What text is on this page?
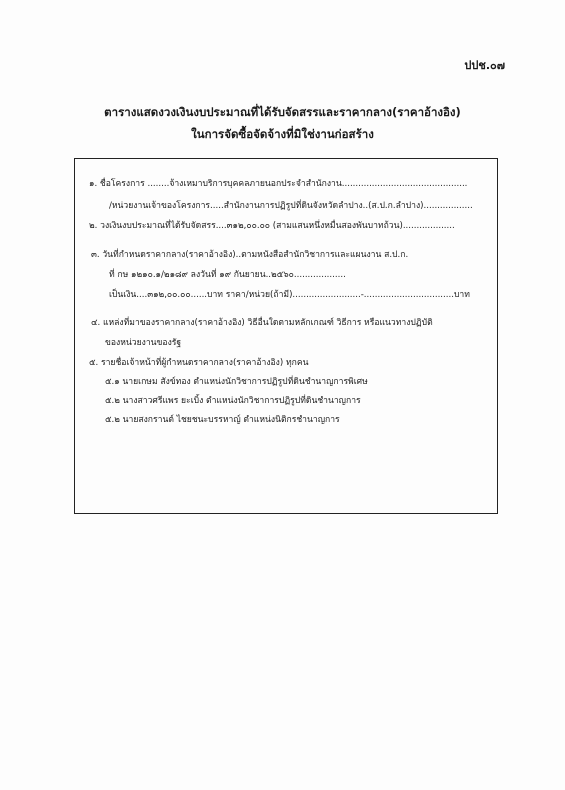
ปปช.๐๗
ตารางแสดงวงเงินงบประมาณที่ได้รับจัดสรรและราคากลาง(ราคาอ้างอิง)
ในการจัดซื้อจัดจ้างที่มิใช่งานก่อสร้าง
๑. ชื่อโครงการ ........จ้างเหมาบริการบุคคลภายนอกประจำสำนักงาน..............................................
/หน่วยงานเจ้าของโครงการ.....สำนักงานการปฏิรูปที่ดินจังหวัดลำปาง..(ส.ป.ก.ลำปาง)..................
๒. วงเงินงบประมาณที่ได้รับจัดสรร....๓๑๒,๐๐.๐๐ (สามแสนหนึ่งหมื่นสองพันบาทถ้วน)...................
๓. วันที่กำหนดราคากลาง(ราคาอ้างอิง)..ตามหนังสือสำนักวิชาการและแผนงาน ส.ป.ก.
ที่ กษ ๑๒๑๐.๑/๒๑๘๙ ลงวันที่ ๑๙ กันยายน..๒๕๖๐...................
เป็นเงิน....๓๑๒,๐๐.๐๐......บาท ราคา/หน่วย(ถ้ามี).........................-.................................บาท
๔. แหล่งที่มาของราคากลาง(ราคาอ้างอิง) วิธีอื่นใดตามหลักเกณฑ์ วิธีการ หรือแนวทางปฏิบัติ
ของหน่วยงานของรัฐ
๕. รายชื่อเจ้าหน้าที่ผู้กำหนดราคากลาง(ราคาอ้างอิง) ทุกคน
๕.๑ นายเกษม สังข์ทอง ตำแหน่งนักวิชาการปฏิรูปที่ดินชำนาญการพิเศษ
๕.๒ นางสาวศรีแพร ยะเบิ้ง ตำแหน่งนักวิชาการปฏิรูปที่ดินชำนาญการ
๕.๒ นายสงกรานต์ ไชยชนะบรรหาญ์ ตำแหน่งนิติกรชำนาญการ
